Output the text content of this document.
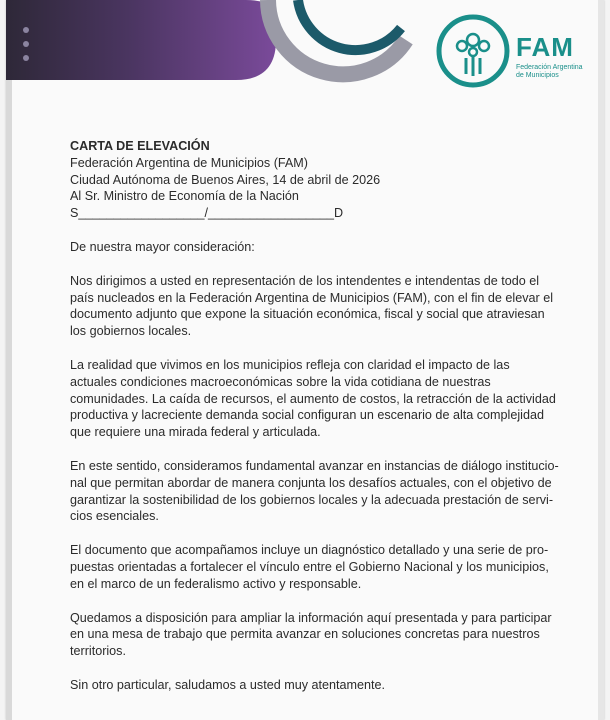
FAM
Federación Argentina
de Municipios
CARTA DE ELEVACIÓN
Federación Argentina de Municipios (FAM)
Ciudad Autónoma de Buenos Aires, 14 de abril de 2026
Al Sr. Ministro de Economía de la Nación
S__________________/__________________D

De nuestra mayor consideración:

Nos dirigimos a usted en representación de los intendentes e intendentas de todo el país nucleados en la Federación Argentina de Municipios (FAM), con el fin de elevar el documento adjunto que expone la situación económica, fiscal y social que atraviesan los gobiernos locales.

La realidad que vivimos en los municipios refleja con claridad el impacto de las actuales condiciones macroeconómicas sobre la vida cotidiana de nuestras comunidades. La caída de recursos, el aumento de costos, la retracción de la actividad productiva y lacreciente demanda social configuran un escenario de alta complejidad que requiere una mirada federal y articulada.

En este sentido, consideramos fundamental avanzar en instancias de diálogo institucional que permitan abordar de manera conjunta los desafíos actuales, con el objetivo de garantizar la sostenibilidad de los gobiernos locales y la adecuada prestación de servicios esenciales.

El documento que acompañamos incluye un diagnóstico detallado y una serie de propuestas orientadas a fortalecer el vínculo entre el Gobierno Nacional y los municipios, en el marco de un federalismo activo y responsable.

Quedamos a disposición para ampliar la información aquí presentada y para participar en una mesa de trabajo que permita avanzar en soluciones concretas para nuestros territorios.

Sin otro particular, saludamos a usted muy atentamente.
